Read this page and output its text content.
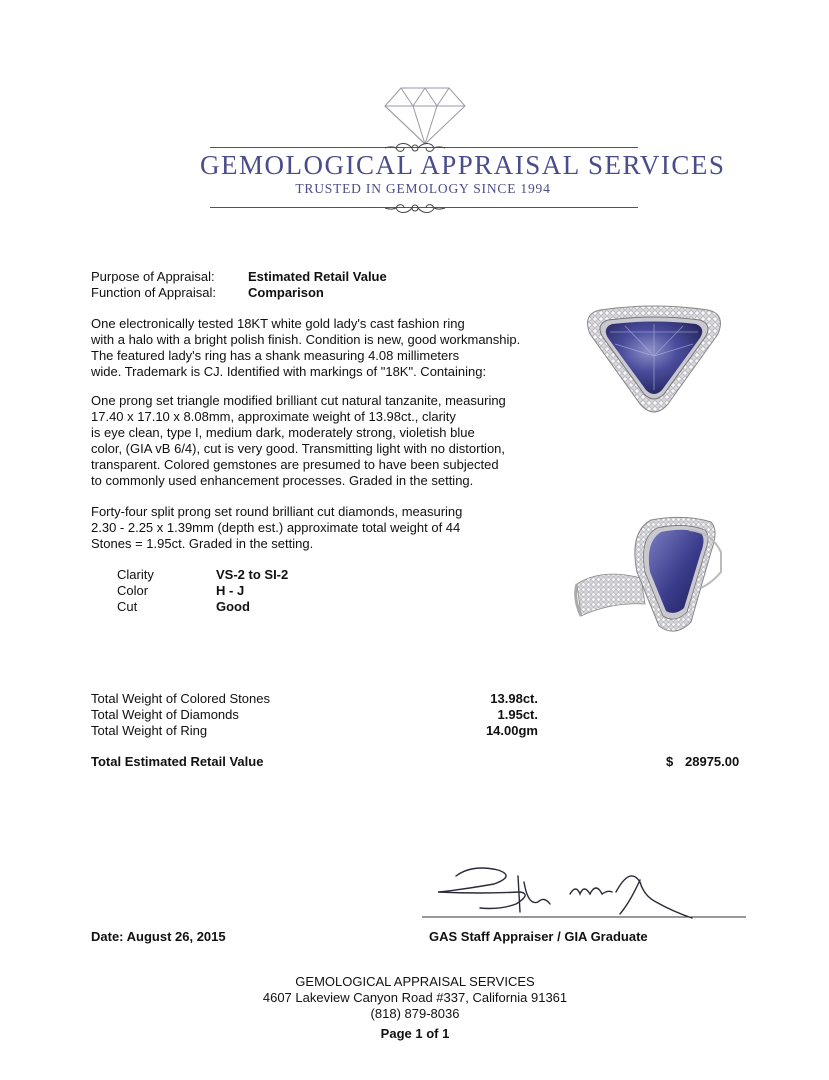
GEMOLOGICAL APPRAISAL SERVICES
TRUSTED IN GEMOLOGY SINCE 1994
Purpose of Appraisal:	Estimated Retail Value
Function of Appraisal: Comparison
One electronically tested 18KT white gold lady's cast fashion ring
with a halo with a bright polish finish. Condition is new, good workmanship.
The featured lady's ring has a shank measuring 4.08 millimeters
wide. Trademark is CJ. Identified with markings of "18K". Containing:
One prong set triangle modified brilliant cut natural tanzanite, measuring
17.40 x 17.10 x 8.08mm, approximate weight of 13.98ct., clarity
is eye clean, type I, medium dark, moderately strong, violetish blue
color, (GIA vB 6/4), cut is very good. Transmitting light with no distortion,
transparent. Colored gemstones are presumed to have been subjected
to commonly used enhancement processes. Graded in the setting.
Forty-four split prong set round brilliant cut diamonds, measuring
2.30 - 2.25 x 1.39mm (depth est.) approximate total weight of 44
Stones = 1.95ct. Graded in the setting.
Clarity	VS-2 to SI-2
Color	H - J
Cut	Good
Total Weight of Colored Stones	13.98ct.
Total Weight of Diamonds	1.95ct.
Total Weight of Ring	14.00gm
Total Estimated Retail Value	$ 28975.00
Date: August 26, 2015	GAS Staff Appraiser / GIA Graduate
GEMOLOGICAL APPRAISAL SERVICES
4607 Lakeview Canyon Road #337, California 91361
(818) 879-8036
Page 1 of 1
